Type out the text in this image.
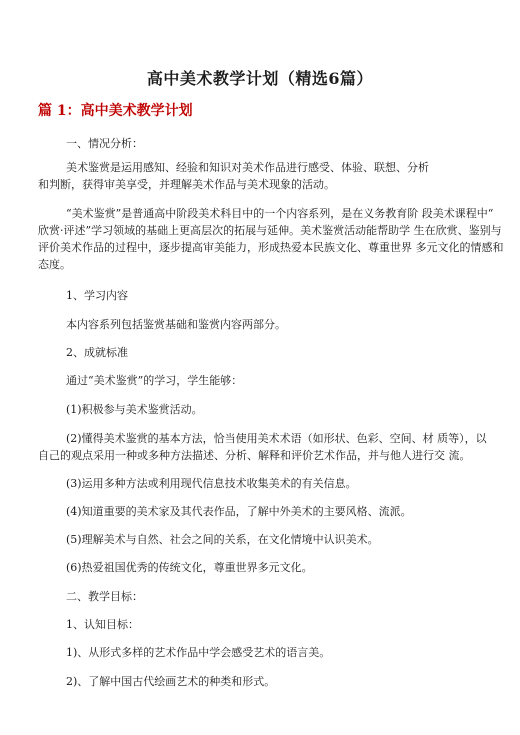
高中美术教学计划（精选6篇）
篇 1：高中美术教学计划

一、情况分析：

美术鉴赏是运用感知、经验和知识对美术作品进行感受、体验、联想、分析

和判断，获得审美享受，并理解美术作品与美术现象的活动。

“美术鉴赏”是普通高中阶段美术科目中的一个内容系列，是在义务教育阶 段美术课程中“

欣赏·评述”学习领域的基础上更高层次的拓展与延伸。美术鉴赏活动能帮助学 生在欣赏、鉴别与

评价美术作品的过程中，逐步提高审美能力，形成热爱本民族文化、尊重世界 多元文化的情感和

态度。

1、学习内容

本内容系列包括鉴赏基础和鉴赏内容两部分。

2、成就标准

通过“美术鉴赏”的学习，学生能够：

(1)积极参与美术鉴赏活动。

(2)懂得美术鉴赏的基本方法，恰当使用美术术语（如形状、色彩、空间、材 质等），以

自己的观点采用一种或多种方法描述、分析、解释和评价艺术作品，并与他人进行交 流。

(3)运用多种方法或利用现代信息技术收集美术的有关信息。

(4)知道重要的美术家及其代表作品，了解中外美术的主要风格、流派。

(5)理解美术与自然、社会之间的关系，在文化情境中认识美术。

(6)热爱祖国优秀的传统文化，尊重世界多元文化。

二、教学目标：

1、认知目标：

1)、从形式多样的艺术作品中学会感受艺术的语言美。

2)、了解中国古代绘画艺术的种类和形式。
